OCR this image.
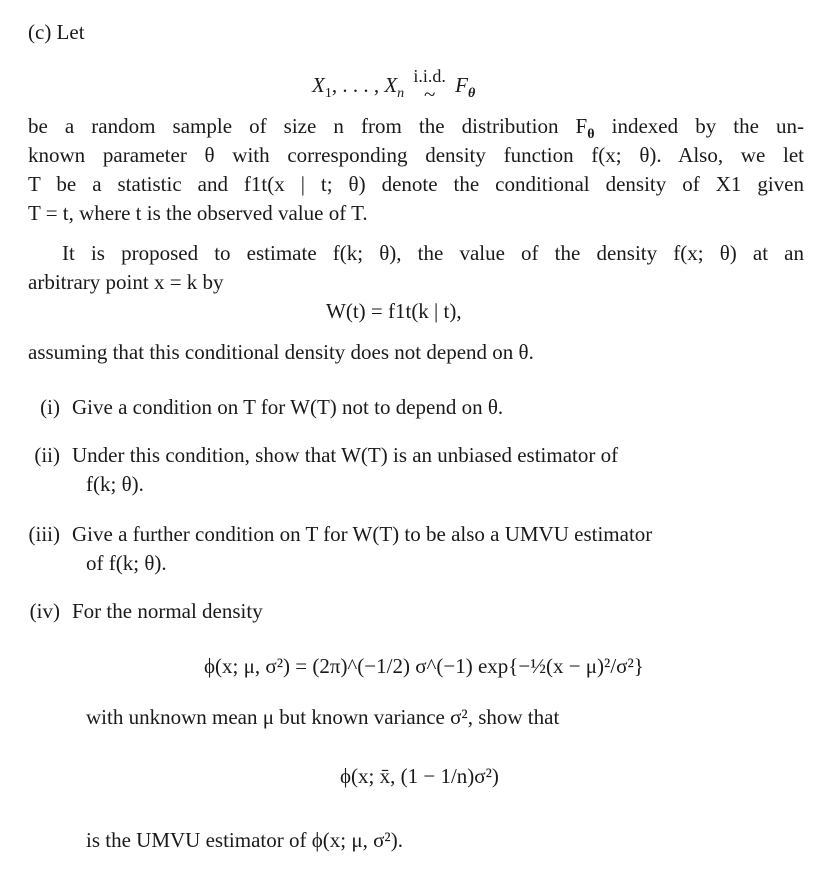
(c) Let
$X_1$, . . . , $X_n$
i.i.d.
~ $F_\theta$
be a random sample of size n from the distribution $F_\theta$ indexed by the un-
known parameter θ with corresponding density function f(x; θ). Also, we let
T be a statistic and f1t(x | t; θ) denote the conditional density of X1 given
T = t, where t is the observed value of T.
It is proposed to estimate f(k; θ), the value of the density f(x; θ) at an
arbitrary point x = k by
W(t) = f1t(k | t),
assuming that this conditional density does not depend on θ.
(i) Give a condition on T for W(T) not to depend on θ.
(ii) Under this condition, show that W(T) is an unbiased estimator of
f(k; θ).
(iii) Give a further condition on T for W(T) to be also a UMVU estimator
of f(k; θ).
(iv) For the normal density
ϕ(x; μ, σ²) = (2π)^(−1/2) σ^(−1) exp{−½(x − μ)²/σ²}
with unknown mean μ but known variance σ², show that
ϕ(x; x̄, (1 − 1/n)σ²)
is the UMVU estimator of ϕ(x; μ, σ²).
